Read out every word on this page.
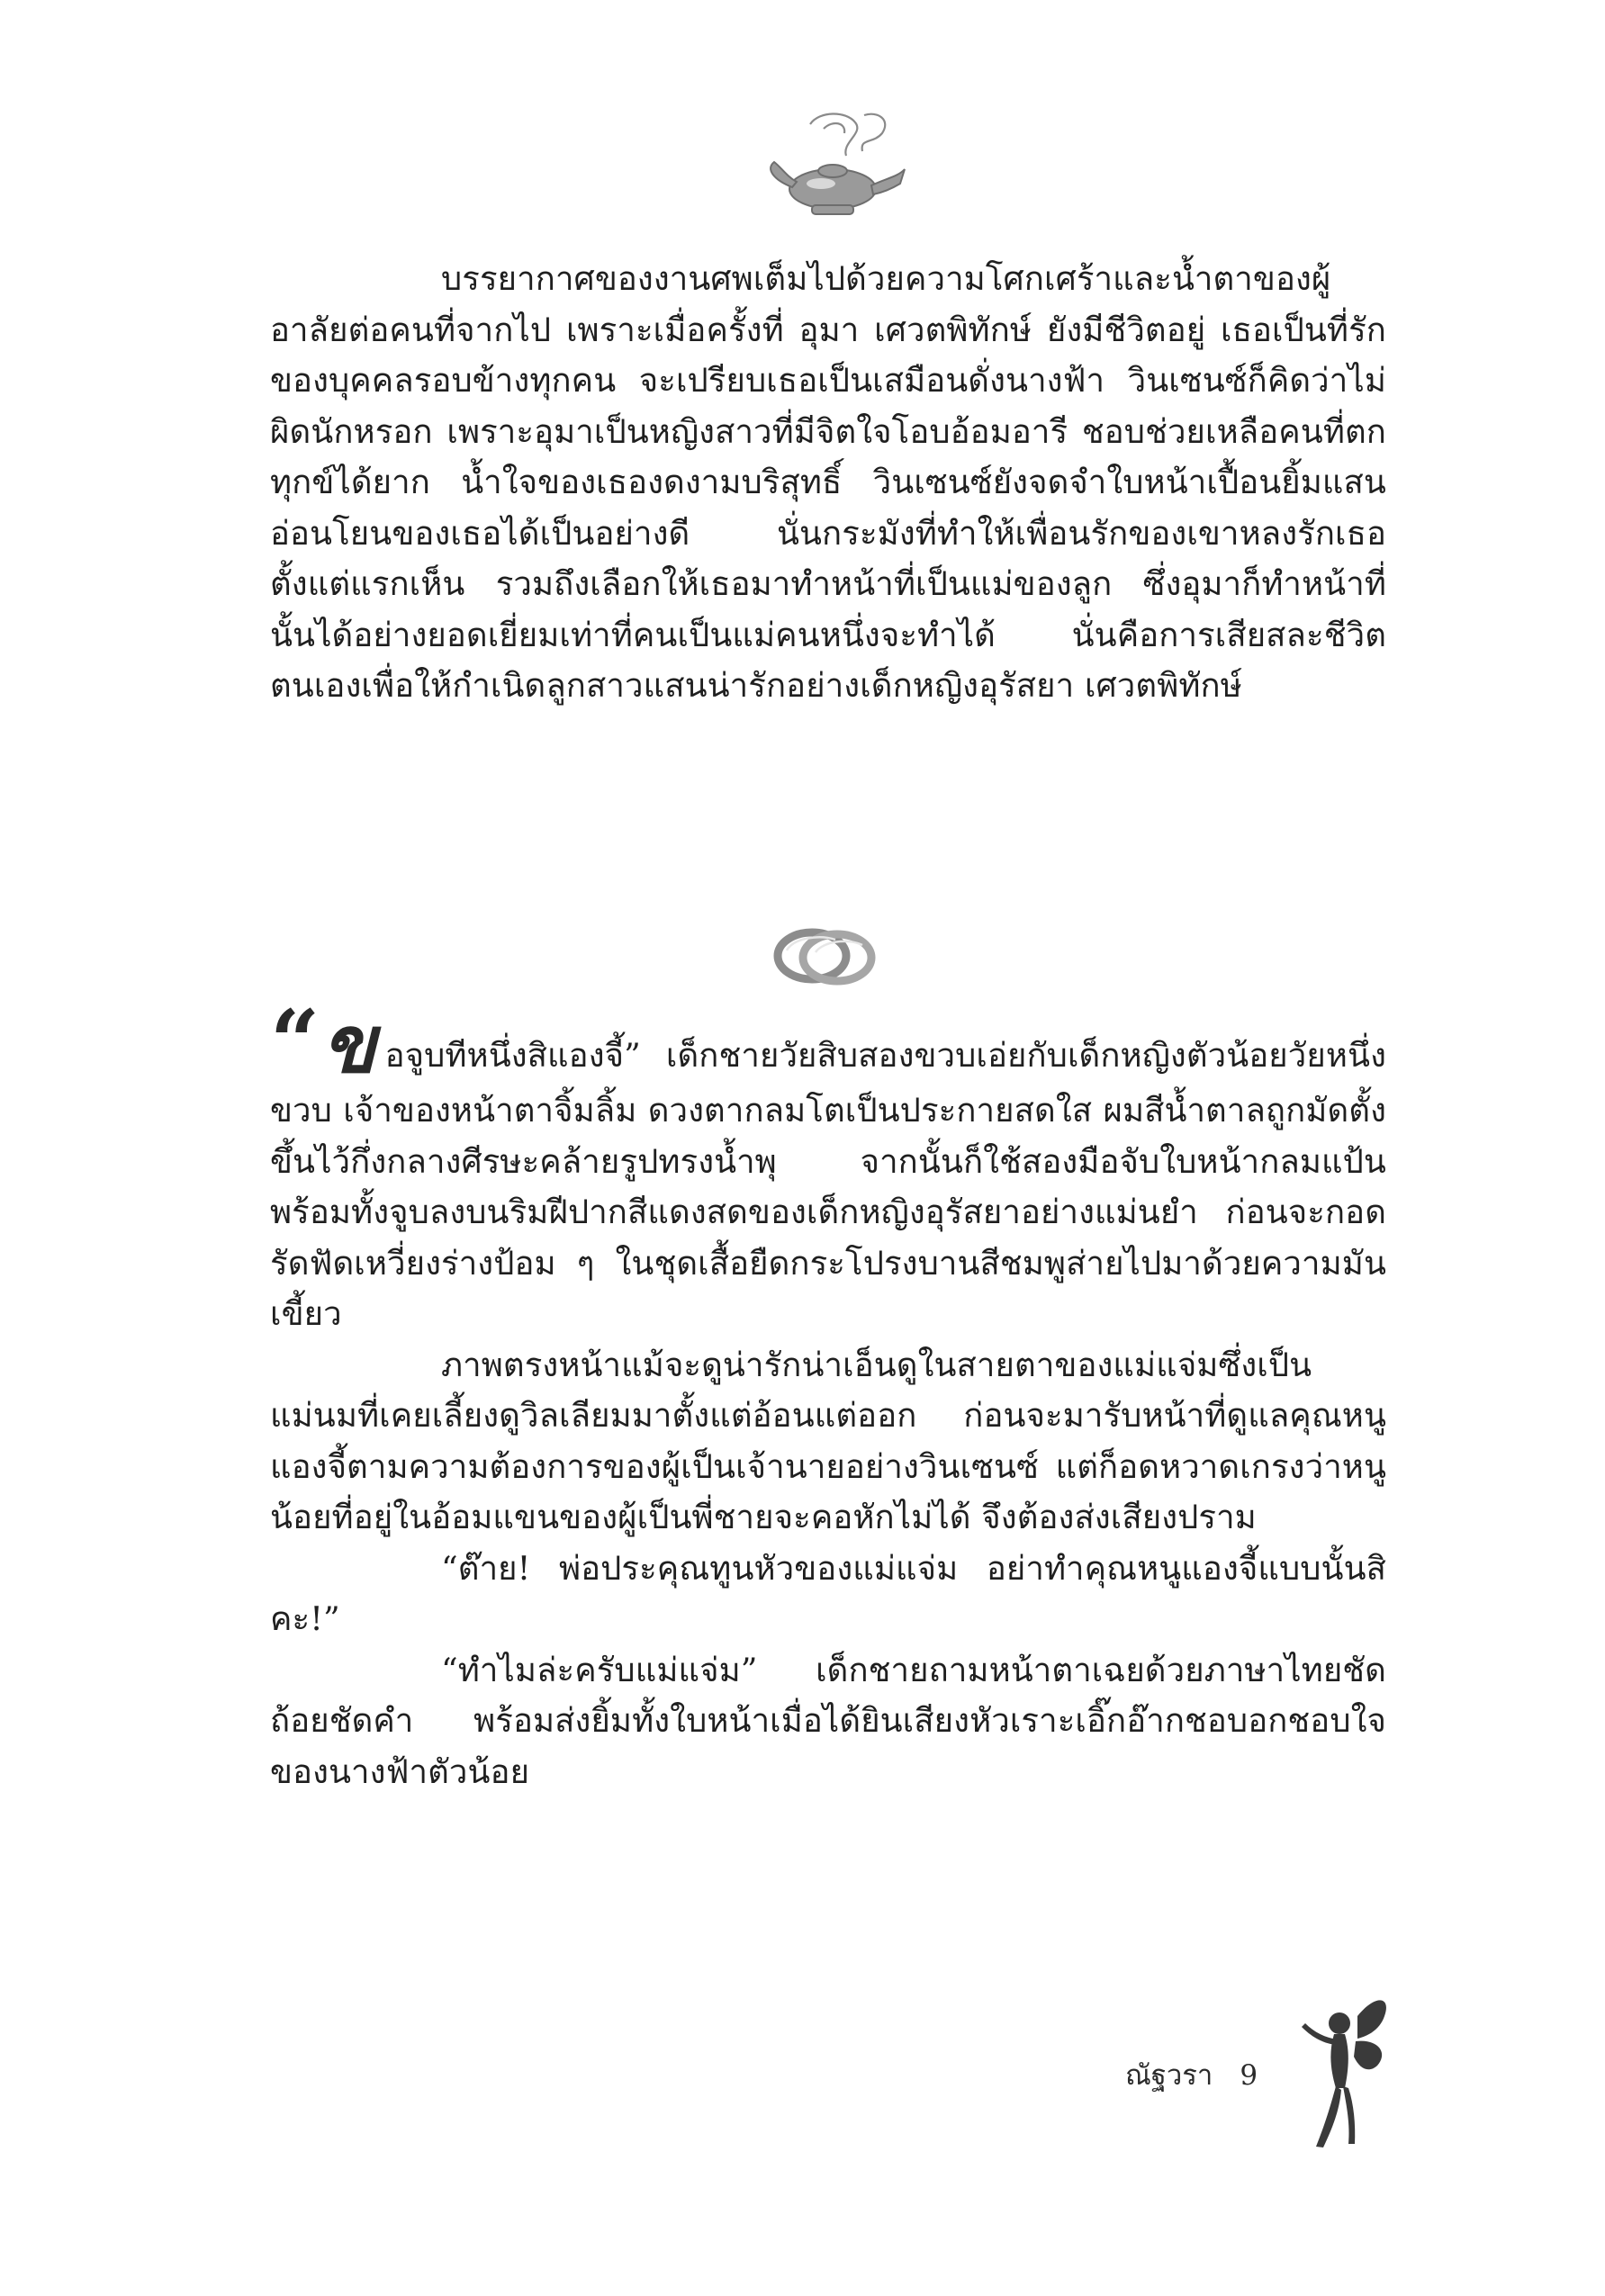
บรรยากาศของงานศพเต็มไปด้วยความโศกเศร้าและน้ำตาของผู้อาลัยต่อคนที่จากไป เพราะเมื่อครั้งที่ อุมา เศวตพิทักษ์ ยังมีชีวิตอยู่ เธอเป็นที่รักของบุคคลรอบข้างทุกคน จะเปรียบเธอเป็นเสมือนดั่งนางฟ้า วินเซนซ์ก็คิดว่าไม่ผิดนักหรอก เพราะอุมาเป็นหญิงสาวที่มีจิตใจโอบอ้อมอารี ชอบช่วยเหลือคนที่ตกทุกข์ได้ยาก น้ำใจของเธองดงามบริสุทธิ์ วินเซนซ์ยังจดจำใบหน้าเปื้อนยิ้มแสนอ่อนโยนของเธอได้เป็นอย่างดี นั่นกระมังที่ทำให้เพื่อนรักของเขาหลงรักเธอตั้งแต่แรกเห็น รวมถึงเลือกให้เธอมาทำหน้าที่เป็นแม่ของลูก ซึ่งอุมาก็ทำหน้าที่นั้นได้อย่างยอดเยี่ยมเท่าที่คนเป็นแม่คนหนึ่งจะทำได้ นั่นคือการเสียสละชีวิตตนเองเพื่อให้กำเนิดลูกสาวแสนน่ารักอย่างเด็กหญิงอุรัสยา เศวตพิทักษ์

“ข อจูบทีหนึ่งสิแองจี้” เด็กชายวัยสิบสองขวบเอ่ยกับเด็กหญิงตัวน้อยวัยหนึ่งขวบ เจ้าของหน้าตาจิ้มลิ้ม ดวงตากลมโตเป็นประกายสดใส ผมสีน้ำตาลถูกมัดตั้งขึ้นไว้กึ่งกลางศีรษะคล้ายรูปทรงน้ำพุ จากนั้นก็ใช้สองมือจับใบหน้ากลมแป้นพร้อมทั้งจูบลงบนริมฝีปากสีแดงสดของเด็กหญิงอุรัสยาอย่างแม่นยำ ก่อนจะกอดรัดฟัดเหวี่ยงร่างป้อม ๆ ในชุดเสื้อยืดกระโปรงบานสีชมพูส่ายไปมาด้วยความมันเขี้ยว

ภาพตรงหน้าแม้จะดูน่ารักน่าเอ็นดูในสายตาของแม่แจ่มซึ่งเป็นแม่นมที่เคยเลี้ยงดูวิลเลียมมาตั้งแต่อ้อนแต่ออก ก่อนจะมารับหน้าที่ดูแลคุณหนูแองจี้ตามความต้องการของผู้เป็นเจ้านายอย่างวินเซนซ์ แต่ก็อดหวาดเกรงว่าหนูน้อยที่อยู่ในอ้อมแขนของผู้เป็นพี่ชายจะคอหักไม่ได้ จึงต้องส่งเสียงปราม

“ต๊าย! พ่อประคุณทูนหัวของแม่แจ่ม อย่าทำคุณหนูแองจี้แบบนั้นสิคะ!”

“ทำไมล่ะครับแม่แจ่ม” เด็กชายถามหน้าตาเฉยด้วยภาษาไทยชัดถ้อยชัดคำ พร้อมส่งยิ้มทั้งใบหน้าเมื่อได้ยินเสียงหัวเราะเอิ๊กอ๊ากชอบอกชอบใจของนางฟ้าตัวน้อย

ณัฐวรา 9
